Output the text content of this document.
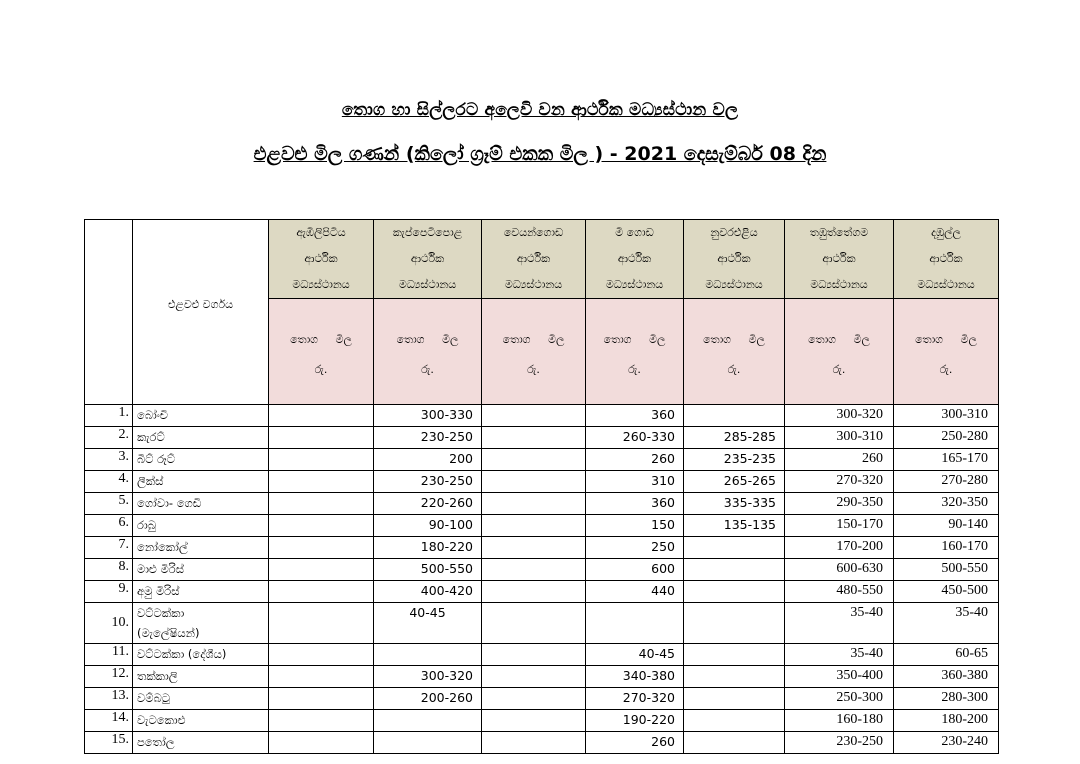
තොග හා සිල්ලරට අලෙවි වන ආර්ථික මධ්‍යස්ථාන වල
එළවළු මිල ගණන් (කිලෝ ග්‍රෑම් එකක මිල ) - 2021 දෙසැම්බර් 08 දින
	එළවළු වර්ගය	ඇඹිලිපිටිය
ආර්ථික
මධ්‍යස්ථානය	කැප්පෙටිපොළ
ආර්ථික
මධ්‍යස්ථානය	වෙයන්ගොඩ
ආර්ථික
මධ්‍යස්ථානය	මී ගොඩ
ආර්ථික
මධ්‍යස්ථානය	නුවරඑළිය
ආර්ථික
මධ්‍යස්ථානය	තඹුත්තේගම
ආර්ථික
මධ්‍යස්ථානය	දඹුල්ල
ආර්ථික
මධ්‍යස්ථානය

		තොග මිල
රු.	තොග මිල
රු.	තොග මිල
රු.	තොග මිල
රු.	තොග මිල
රු.	තොග මිල
රු.	තොග මිල
රු.

1.	බෝංචි		300-330		360		300-320	300-310
2.	කැරට්		230-250		260-330	285-285	300-310	250-280
3.	බීට් රූට්		200		260	235-235	260	165-170
4.	ලීක්ස්		230-250		310	265-265	270-320	270-280
5.	ගෝවා- ගෙඩි		220-260		360	335-335	290-350	320-350
6.	රාබු		90-100		150	135-135	150-170	90-140
7.	නෝකෝල්		180-220		250		170-200	160-170
8.	මාළු මිරිස්		500-550		600		600-630	500-550
9.	අමු මිරිස්		400-420		440		480-550	450-500
10.	වට්ටක්කා
(මැලේෂියන්)		40-45				35-40	35-40
11.	වට්ටක්කා (දේශීය)				40-45		35-40	60-65
12.	තක්කාලි		300-320		340-380		350-400	360-380
13.	වම්බටු		200-260		270-320		250-300	280-300
14.	වැටකොළු				190-220		160-180	180-200
15.	පතෝල				260		230-250	230-240
